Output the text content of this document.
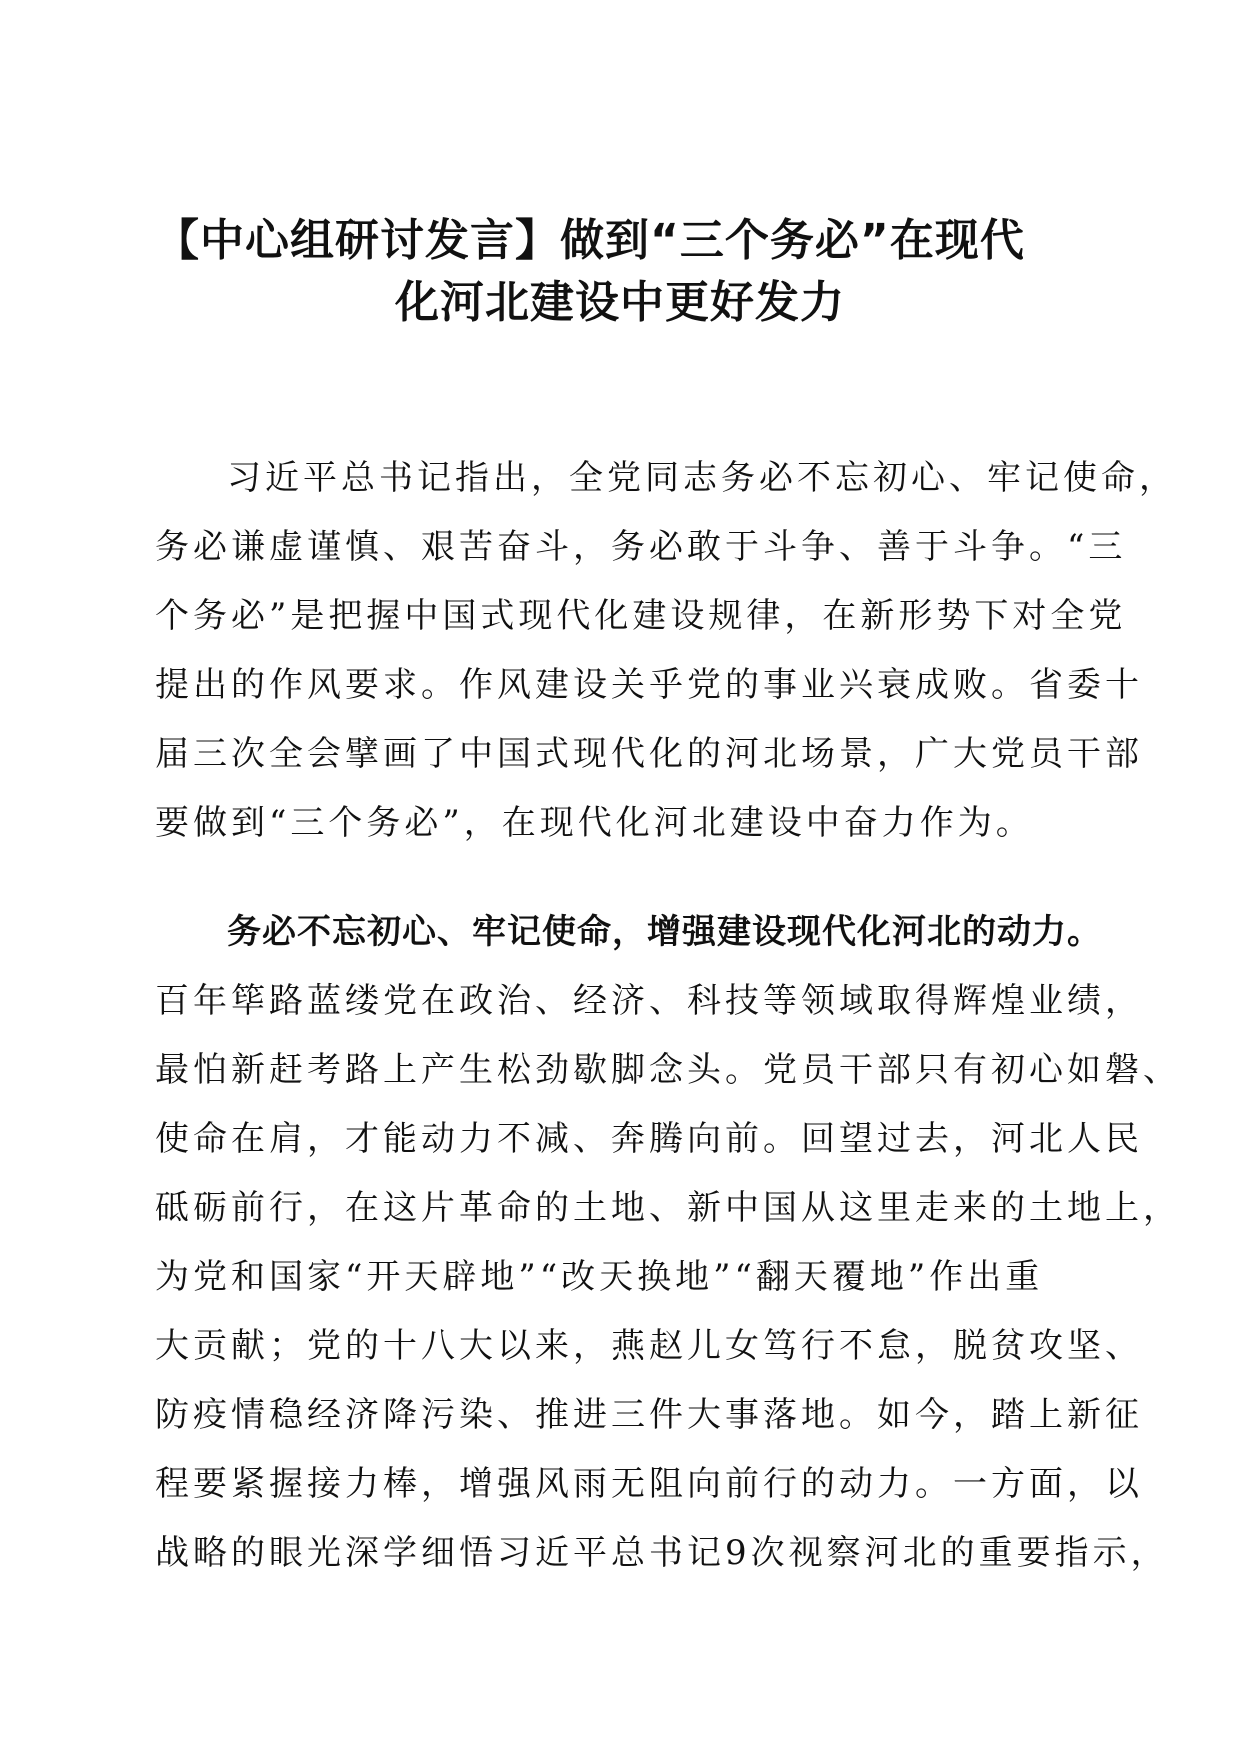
【中心组研讨发言】做到“三个务必”在现代
化河北建设中更好发力
习近平总书记指出，全党同志务必不忘初心、牢记使命，
务必谦虚谨慎、艰苦奋斗，务必敢于斗争、善于斗争。“三
个务必”是把握中国式现代化建设规律，在新形势下对全党
提出的作风要求。作风建设关乎党的事业兴衰成败。省委十
届三次全会擘画了中国式现代化的河北场景，广大党员干部
要做到“三个务必”，在现代化河北建设中奋力作为。
务必不忘初心、牢记使命，增强建设现代化河北的动力。
百年筚路蓝缕党在政治、经济、科技等领域取得辉煌业绩，
最怕新赶考路上产生松劲歇脚念头。党员干部只有初心如磐、
使命在肩，才能动力不减、奔腾向前。回望过去，河北人民
砥砺前行，在这片革命的土地、新中国从这里走来的土地上，
为党和国家“开天辟地”“改天换地”“翻天覆地”作出重
大贡献；党的十八大以来，燕赵儿女笃行不怠，脱贫攻坚、
防疫情稳经济降污染、推进三件大事落地。如今，踏上新征
程要紧握接力棒，增强风雨无阻向前行的动力。一方面，以
战略的眼光深学细悟习近平总书记9次视察河北的重要指示，
